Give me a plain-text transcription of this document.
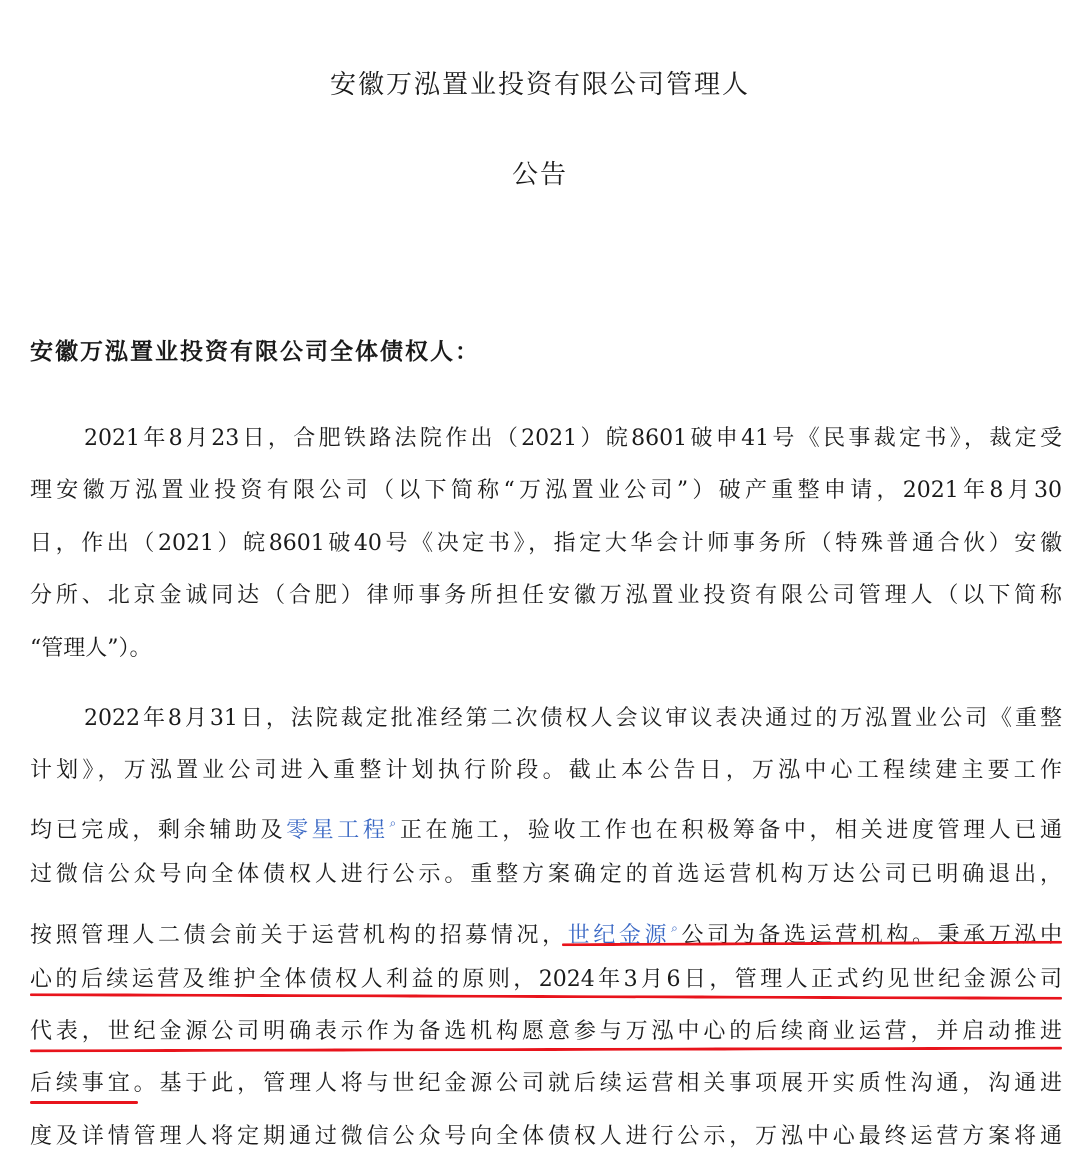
安徽万泓置业投资有限公司管理人
公告
安徽万泓置业投资有限公司全体债权人：
2021年8月23日，合肥铁路法院作出（2021）皖8601破申41号《民事裁定书》，裁定受
理安徽万泓置业投资有限公司（以下简称“万泓置业公司”）破产重整申请，2021年8月30
日，作出（2021）皖8601破40号《决定书》，指定大华会计师事务所（特殊普通合伙）安徽
分所、北京金诚同达（合肥）律师事务所担任安徽万泓置业投资有限公司管理人（以下简称
“管理人”）。
2022年8月31日，法院裁定批准经第二次债权人会议审议表决通过的万泓置业公司《重整
计划》，万泓置业公司进入重整计划执行阶段。截止本公告日，万泓中心工程续建主要工作
均已完成，剩余辅助及零星工程⌕正在施工，验收工作也在积极筹备中，相关进度管理人已通
过微信公众号向全体债权人进行公示。重整方案确定的首选运营机构万达公司已明确退出，
按照管理人二债会前关于运营机构的招募情况，世纪金源⌕公司为备选运营机构。秉承万泓中
心的后续运营及维护全体债权人利益的原则，2024年3月6日，管理人正式约见世纪金源公司
代表，世纪金源公司明确表示作为备选机构愿意参与万泓中心的后续商业运营，并启动推进
后续事宜。基于此，管理人将与世纪金源公司就后续运营相关事项展开实质性沟通，沟通进
度及详情管理人将定期通过微信公众号向全体债权人进行公示，万泓中心最终运营方案将通
